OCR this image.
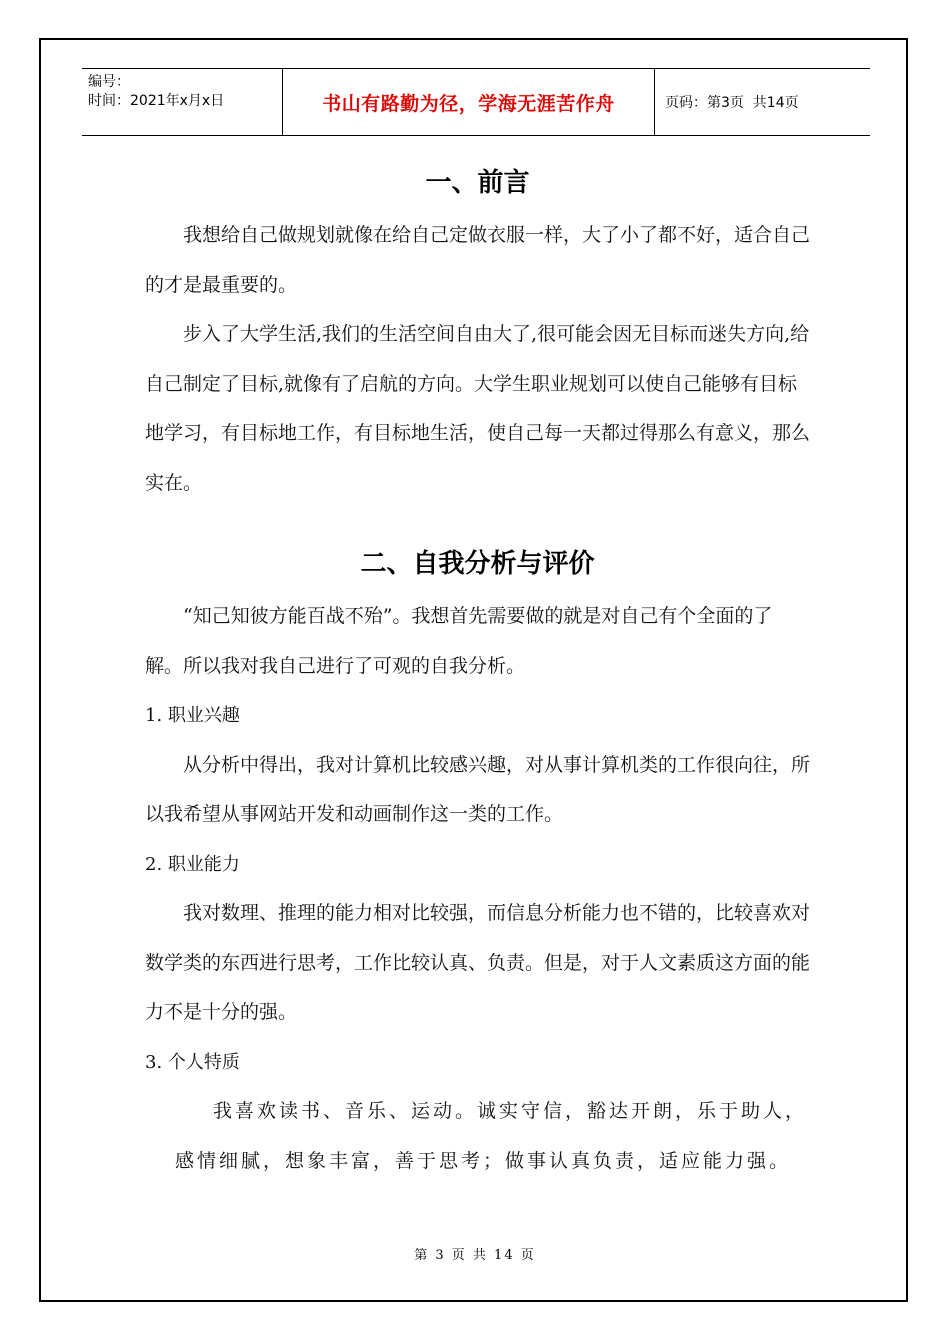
编号：
时间：2021年x月x日	书山有路勤为径，学海无涯苦作舟	页码：第3页  共14页
一、前言

我想给自己做规划就像在给自己定做衣服一样，大了小了都不好，适合自己的才是最重要的。

步入了大学生活,我们的生活空间自由大了,很可能会因无目标而迷失方向,给自己制定了目标,就像有了启航的方向。大学生职业规划可以使自己能够有目标地学习，有目标地工作，有目标地生活，使自己每一天都过得那么有意义，那么实在。

二、自我分析与评价

“知己知彼方能百战不殆”。我想首先需要做的就是对自己有个全面的了解。所以我对我自己进行了可观的自我分析。

1. 职业兴趣

从分析中得出，我对计算机比较感兴趣，对从事计算机类的工作很向往，所以我希望从事网站开发和动画制作这一类的工作。

2. 职业能力

我对数理、推理的能力相对比较强，而信息分析能力也不错的，比较喜欢对数学类的东西进行思考，工作比较认真、负责。但是，对于人文素质这方面的能力不是十分的强。

3. 个人特质

我喜欢读书、音乐、运动。诚实守信，豁达开朗，乐于助人，感情细腻，想象丰富，善于思考；做事认真负责，适应能力强。

第 3 页 共 14 页
